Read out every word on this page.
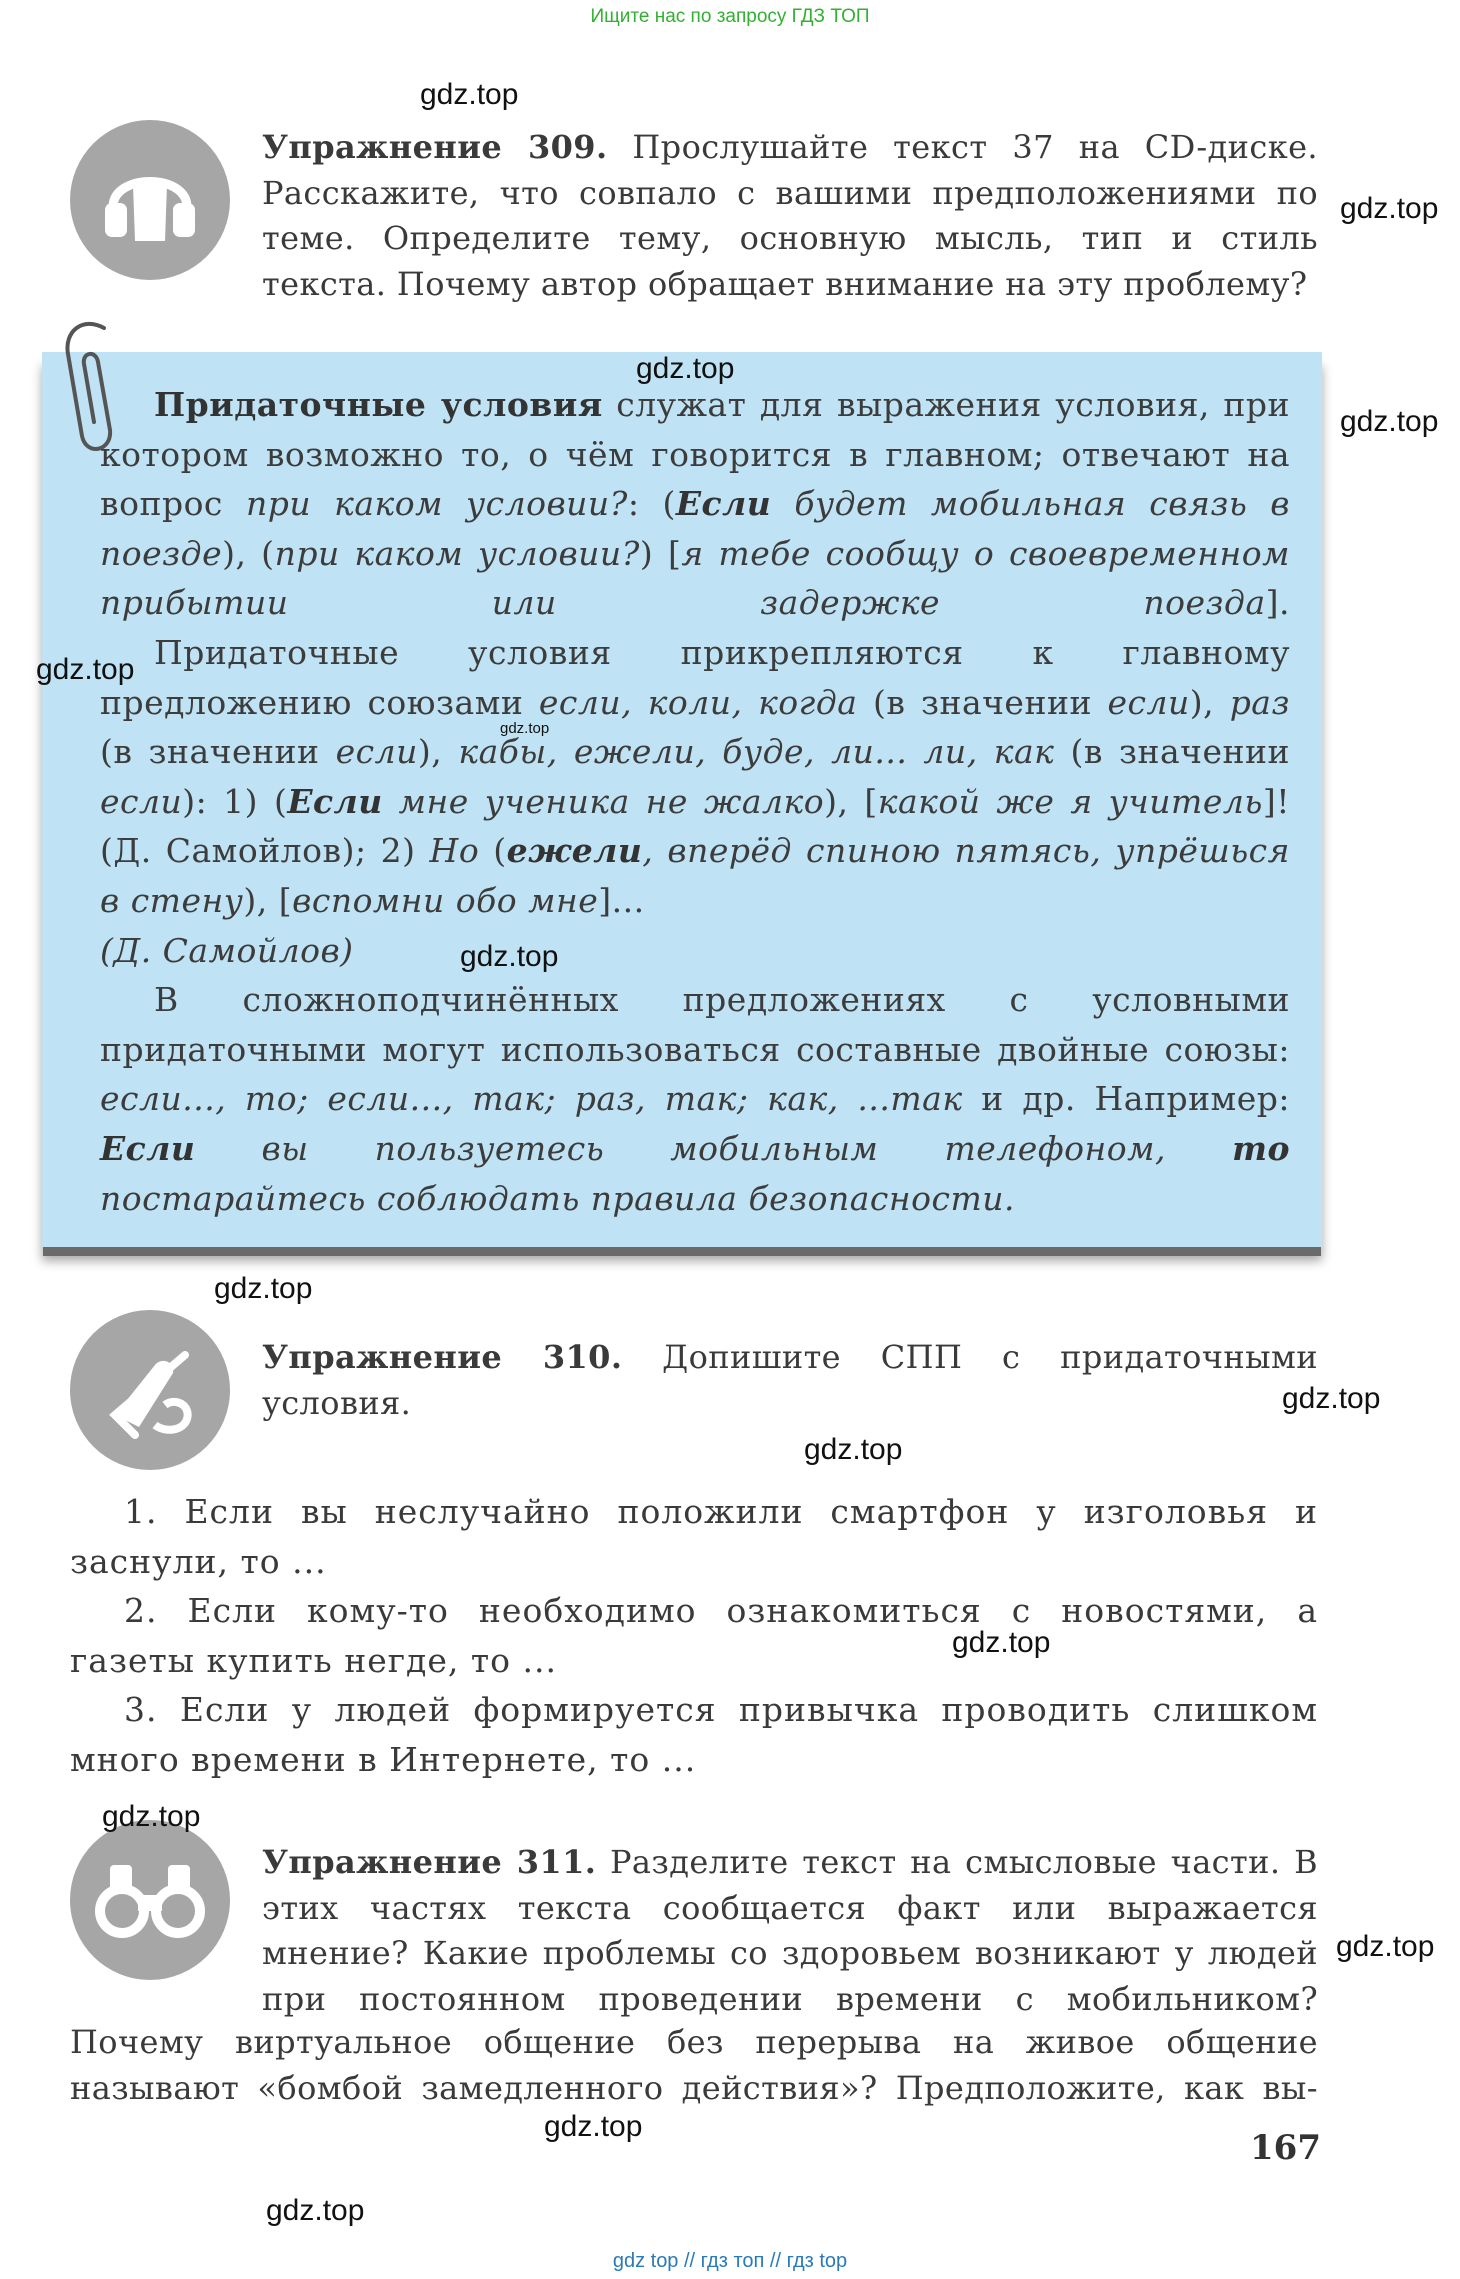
Ищите нас по запросу ГДЗ ТОП
Упражнение 309. Прослушайте текст 37 на CD-диске. Расскажите, что совпало с вашими предположениями по теме. Определите тему, основную мысль, тип и стиль текста. Почему автор обращает внимание на эту проблему?

Придаточные условия служат для выражения условия, при котором возможно то, о чём говорится в главном; отвечают на вопрос при каком условии?: (Если будет мобильная связь в поезде), (при каком условии?) [я тебе сообщу о своевременном прибытии или задержке поезда].

Придаточные условия прикрепляются к главному предложению союзами если, коли, когда (в значении если), раз (в значении если), кабы, ежели, буде, ли... ли, как (в значении если): 1) (Если мне ученика не жалко), [какой же я учитель]! (Д. Самойлов); 2) Но (ежели, вперёд спиною пятясь, упрёшься в стену), [вспомни обо мне]...
(Д. Самойлов)

В сложноподчинённых предложениях с условными придаточными могут использоваться составные двойные союзы: если..., то; если..., так; раз, так; как, ...так и др. Например: Если вы пользуетесь мобильным телефоном, то постарайтесь соблюдать правила безопасности.

Упражнение 310. Допишите СПП с придаточными условия.

1. Если вы неслучайно положили смартфон у изголовья и заснули, то ...

2. Если кому-то необходимо ознакомиться с новостями, а газеты купить негде, то ...

3. Если у людей формируется привычка проводить слишком много времени в Интернете, то ...

Упражнение 311. Разделите текст на смысловые части. В этих частях текста сообщается факт или выражается мнение? Какие проблемы со здоровьем возникают у людей при постоянном проведении времени с мобильником?
Почему виртуальное общение без перерыва на живое общение называют «бомбой замедленного действия»? Предположите, как вы-
167
gdz.top
gdz.top
gdz.top
gdz.top
gdz.top
gdz.top
gdz.top
gdz.top
gdz.top
gdz.top
gdz.top
gdz.top
gdz.top
gdz.top
gdz.top
gdz top // гдз топ // гдз top
